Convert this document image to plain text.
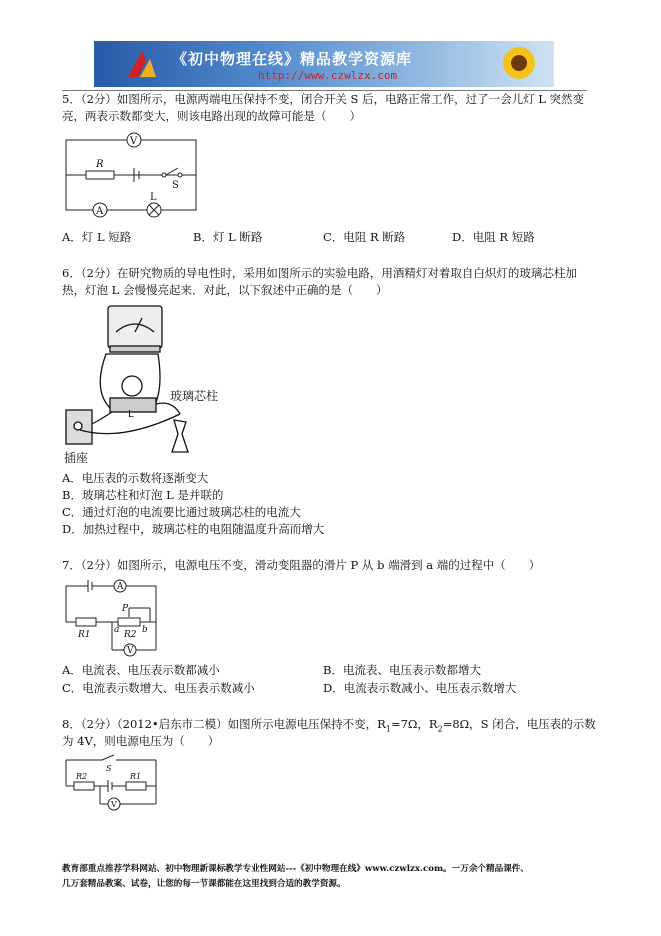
《初中物理在线》精品教学资源库
http://www.czwlzx.com
5．（2分）如图所示，电源两端电压保持不变，闭合开关 S 后，电路正常工作，过了一会儿灯 L 突然变
亮，两表示数都变大，则该电路出现的故障可能是（　　）
V
R
S
L
A
A．灯 L 短路	B．灯 L 断路	C．电阻 R 断路	D．电阻 R 短路
6．（2分）在研究物质的导电性时，采用如图所示的实验电路，用酒精灯对着取自白炽灯的玻璃芯柱加
热，灯泡 L 会慢慢亮起来．对此，以下叙述中正确的是（　　）
玻璃芯柱
L
插座
A．电压表的示数将逐渐变大
B．玻璃芯柱和灯泡 L 是并联的
C．通过灯泡的电流要比通过玻璃芯柱的电流大
D．加热过程中，玻璃芯柱的电阻随温度升高而增大
7．（2分）如图所示，电源电压不变，滑动变阻器的滑片 P 从 b 端滑到 a 端的过程中（　　）
A
P
R1	a	b
R2
V
A．电流表、电压表示数都减小	B．电流表、电压表示数都增大
C．电流表示数增大、电压表示数减小	D．电流表示数减小、电压表示数增大
8．（2分）（2012•启东市二模）如图所示电源电压保持不变，$R_1=7\Omega$，$R_2=8\Omega$，S 闭合，电压表的示数
为 4V，则电源电压为（　　）
S
R2	R1
V
教育部重点推荐学科网站、初中物理新课标教学专业性网站---《初中物理在线》www.czwlzx.com。一万余个精品课件、
几万套精品教案、试卷，让您的每一节课都能在这里找到合适的教学资源。
